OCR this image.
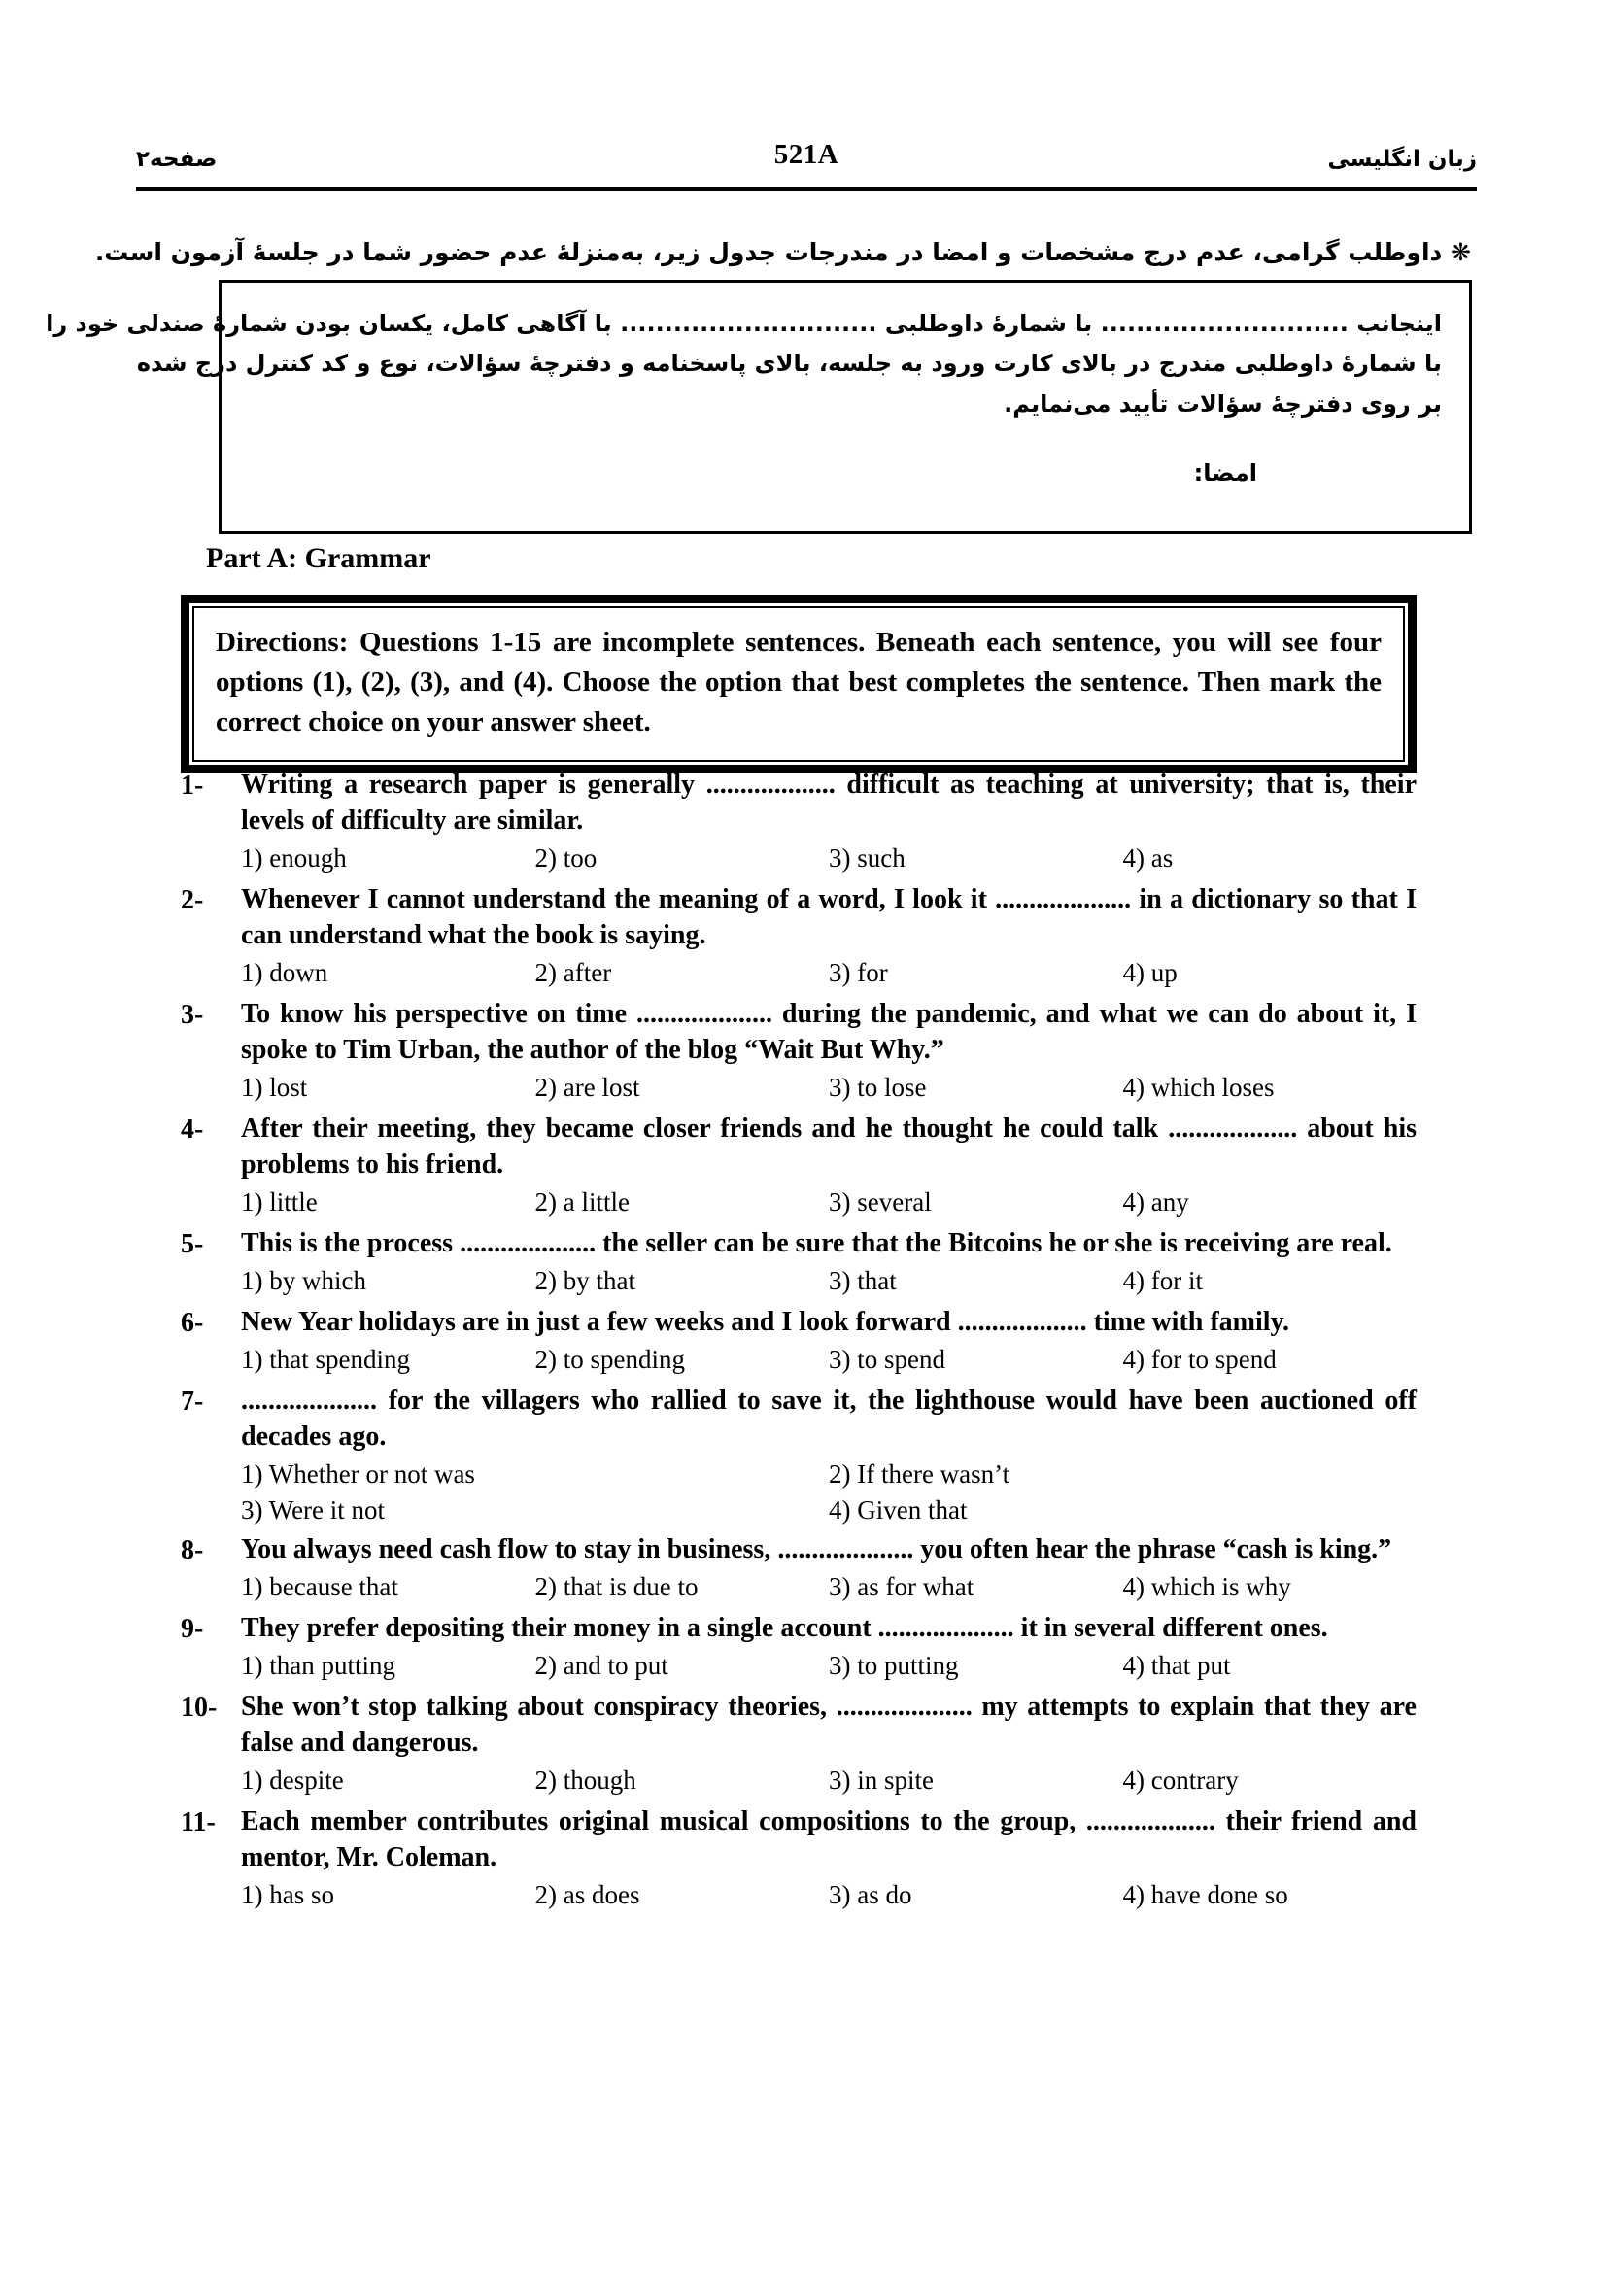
صفحه‌۲	521A	زبان انگلیسی
❋ داوطلب گرامی، عدم درج مشخصات و امضا در مندرجات جدول زیر، به‌منزلهٔ عدم حضور شما در جلسهٔ آزمون است.
اینجانب ............................ با شمارهٔ داوطلبی ............................. با آگاهی کامل، یکسان بودن شمارهٔ صندلی خود را
با شمارهٔ داوطلبی مندرج در بالای کارت ورود به جلسه، بالای پاسخنامه و دفترچهٔ سؤالات، نوع و کد کنترل درج شده
بر روی دفترچهٔ سؤالات تأیید می‌نمایم.
امضا:
Part A: Grammar

Directions: Questions 1-15 are incomplete sentences. Beneath each sentence, you will see four options (1), (2), (3), and (4). Choose the option that best completes the sentence. Then mark the correct choice on your answer sheet.

1-	Writing a research paper is generally ................... difficult as teaching at university; that is, their levels of difficulty are similar.

1) enough	2) too	3) such	4) as
2-	Whenever I cannot understand the meaning of a word, I look it .................... in a dictionary so that I can understand what the book is saying.

1) down	2) after	3) for	4) up
3-	To know his perspective on time .................... during the pandemic, and what we can do about it, I spoke to Tim Urban, the author of the blog “Wait But Why.”

1) lost	2) are lost	3) to lose	4) which loses
4-	After their meeting, they became closer friends and he thought he could talk ................... about his problems to his friend.

1) little	2) a little	3) several	4) any
5-	This is the process .................... the seller can be sure that the Bitcoins he or she is receiving are real.

1) by which	2) by that	3) that	4) for it
6-	New Year holidays are in just a few weeks and I look forward ................... time with family.

1) that spending	2) to spending	3) to spend	4) for to spend
7-	.................... for the villagers who rallied to save it, the lighthouse would have been auctioned off decades ago.

1) Whether or not was	2) If there wasn’t
3) Were it not	4) Given that
8-	You always need cash flow to stay in business, .................... you often hear the phrase “cash is king.”

1) because that	2) that is due to	3) as for what	4) which is why
9-	They prefer depositing their money in a single account .................... it in several different ones.

1) than putting	2) and to put	3) to putting	4) that put
10- She won’t stop talking about conspiracy theories, .................... my attempts to explain that they are false and dangerous.

1) despite	2) though	3) in spite	4) contrary
11- Each member contributes original musical compositions to the group, ................... their friend and mentor, Mr. Coleman.

1) has so	2) as does	3) as do	4) have done so
